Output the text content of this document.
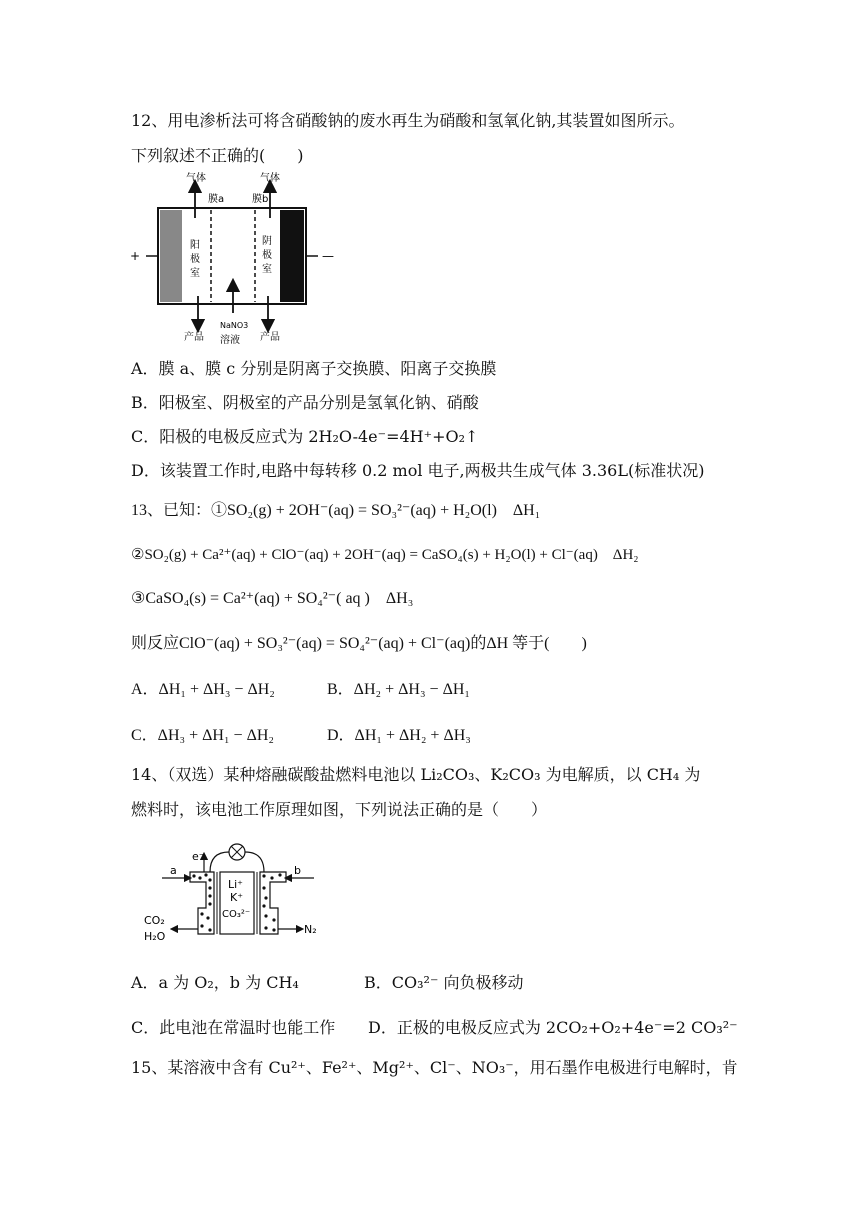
12、用电渗析法可将含硝酸钠的废水再生为硝酸和氢氧化钠,其装置如图所示。
下列叙述不正确的(　　)
+	—
气体	气体
膜a	膜b
阳
极
室
阴
极
室
产品	产品
NaNO3
溶液
A．膜 a、膜 c 分别是阴离子交换膜、阳离子交换膜
B．阳极室、阴极室的产品分别是氢氧化钠、硝酸
C．阳极的电极反应式为 2H₂O-4e⁻=4H⁺+O₂↑
D．该装置工作时,电路中每转移 0.2 mol 电子,两极共生成气体 3.36L(标准状况)
13、已知：①SO₂(g) + 2OH⁻(aq) = SO₃²⁻(aq) + H₂O(l)　ΔH₁
②SO₂(g) + Ca²⁺(aq) + ClO⁻(aq) + 2OH⁻(aq) = CaSO₄(s) + H₂O(l) + Cl⁻(aq)　ΔH₂
③CaSO₄(s) = Ca²⁺(aq) + SO₄²⁻( aq )　ΔH₃
则反应ClO⁻(aq) + SO₃²⁻(aq) = SO₄²⁻(aq) + Cl⁻(aq)的ΔH 等于(　　)
A．ΔH₁ + ΔH₃ − ΔH₂	B．ΔH₂ + ΔH₃ − ΔH₁
C．ΔH₃ + ΔH₁ − ΔH₂	D．ΔH₁ + ΔH₂ + ΔH₃
14、（双选）某种熔融碳酸盐燃料电池以 Li₂CO₃、K₂CO₃ 为电解质，以 CH₄ 为
燃料时，该电池工作原理如图，下列说法正确的是（　　）
e⁻
Li⁺
K⁺
CO₃²⁻
a	b
CO₂
H₂O
N₂
A．a 为 O₂，b 为 CH₄	B．CO₃²⁻ 向负极移动
C．此电池在常温时也能工作 D．正极的电极反应式为 2CO₂+O₂+4e⁻=2 CO₃²⁻
15、某溶液中含有 Cu²⁺、Fe²⁺、Mg²⁺、Cl⁻、NO₃⁻，用石墨作电极进行电解时，肯
